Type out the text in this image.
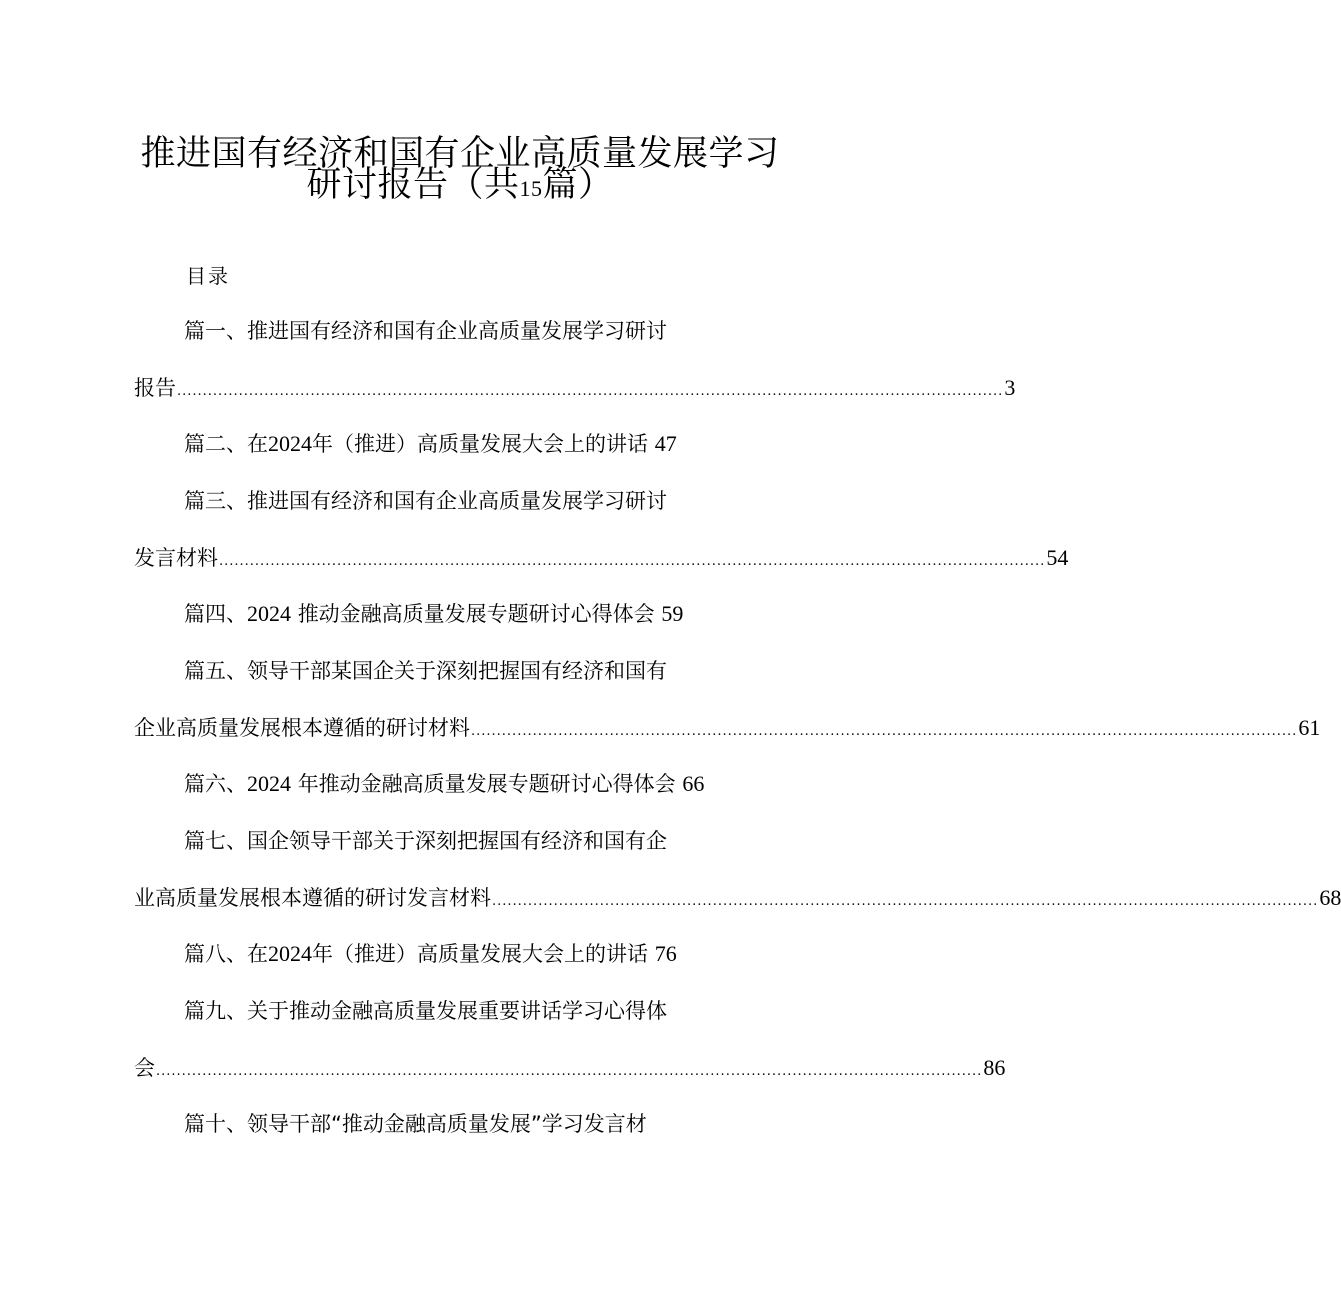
推进国有经济和国有企业高质量发展学习
研讨报告（共15篇）
目录
篇一、推进国有经济和国有企业高质量发展学习研讨
报告 ................................................................................................................................................................. 3
篇二、在2024年（推进）高质量发展大会上的讲话 47
篇三、推进国有经济和国有企业高质量发展学习研讨
发言材料 ................................................................................................................................................................. 54
篇四、2024 推动金融高质量发展专题研讨心得体会 59
篇五、领导干部某国企关于深刻把握国有经济和国有
企业高质量发展根本遵循的研讨材料 ................................................................................................................................................................. 61
篇六、2024 年推动金融高质量发展专题研讨心得体会 66
篇七、国企领导干部关于深刻把握国有经济和国有企
业高质量发展根本遵循的研讨发言材料 ................................................................................................................................................................. 68
篇八、在2024年（推进）高质量发展大会上的讲话 76
篇九、关于推动金融高质量发展重要讲话学习心得体
会 ................................................................................................................................................................. 86
篇十、领导干部“推动金融高质量发展”学习发言材
